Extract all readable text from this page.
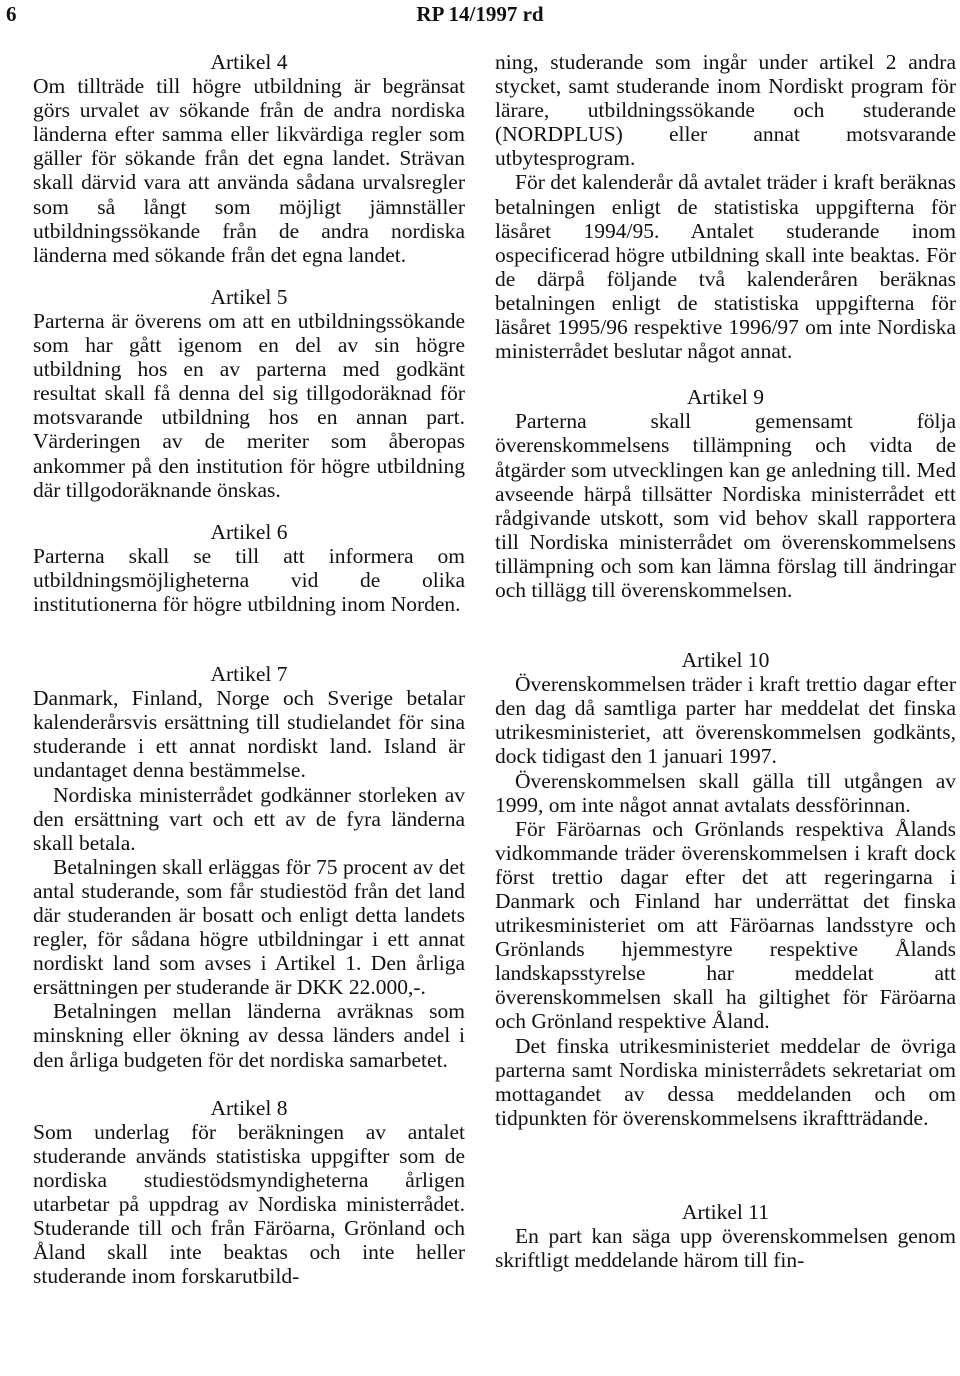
6	RP 14/1997 rd
Artikel 4

Om tillträde till högre utbildning är begränsat görs urvalet av sökande från de andra nordiska länderna efter samma eller likvärdiga regler som gäller för sökande från det egna landet. Strävan skall därvid vara att använda sådana urvalsregler som så långt som möjligt jämnställer utbildningssökande från de andra nordiska länderna med sökande från det egna landet.

Artikel 5

Parterna är överens om att en utbildningssökande som har gått igenom en del av sin högre utbildning hos en av parterna med godkänt resultat skall få denna del sig tillgodoräknad för motsvarande utbildning hos en annan part. Värderingen av de meriter som åberopas ankommer på den institution för högre utbildning där tillgodoräknande önskas.

Artikel 6

Parterna skall se till att informera om utbildningsmöjligheterna vid de olika institutionerna för högre utbildning inom Norden.

Artikel 7

Danmark, Finland, Norge och Sverige betalar kalenderårsvis ersättning till studielandet för sina studerande i ett annat nordiskt land. Island är undantaget denna bestämmelse.

Nordiska ministerrådet godkänner storleken av den ersättning vart och ett av de fyra länderna skall betala.

Betalningen skall erläggas för 75 procent av det antal studerande, som får studiestöd från det land där studeranden är bosatt och enligt detta landets regler, för sådana högre utbildningar i ett annat nordiskt land som avses i Artikel 1. Den årliga ersättningen per studerande är DKK 22.000,-.

Betalningen mellan länderna avräknas som minskning eller ökning av dessa länders andel i den årliga budgeten för det nordiska samarbetet.

Artikel 8

Som underlag för beräkningen av antalet studerande används statistiska uppgifter som de nordiska studiestödsmyndigheterna årligen utarbetar på uppdrag av Nordiska ministerrådet. Studerande till och från Färöarna, Grönland och Åland skall inte beaktas och inte heller studerande inom forskarutbild-

ning, studerande som ingår under artikel 2 andra stycket, samt studerande inom Nordiskt program för lärare, utbildningssökande och studerande (NORDPLUS) eller annat motsvarande utbytesprogram.

För det kalenderår då avtalet träder i kraft beräknas betalningen enligt de statistiska uppgifterna för läsåret 1994/95. Antalet studerande inom ospecificerad högre utbildning skall inte beaktas. För de därpå följande två kalenderåren beräknas betalningen enligt de statistiska uppgifterna för läsåret 1995/96 respektive 1996/97 om inte Nordiska ministerrådet beslutar något annat.

Artikel 9

Parterna skall gemensamt följa överenskommelsens tillämpning och vidta de åtgärder som utvecklingen kan ge anledning till. Med avseende härpå tillsätter Nordiska ministerrådet ett rådgivande utskott, som vid behov skall rapportera till Nordiska ministerrådet om överenskommelsens tillämpning och som kan lämna förslag till ändringar och tillägg till överenskommelsen.

Artikel 10

Överenskommelsen träder i kraft trettio dagar efter den dag då samtliga parter har meddelat det finska utrikesministeriet, att överenskommelsen godkänts, dock tidigast den 1 januari 1997.

Överenskommelsen skall gälla till utgången av 1999, om inte något annat avtalats dessförinnan.

För Färöarnas och Grönlands respektiva Ålands vidkommande träder överenskommelsen i kraft dock först trettio dagar efter det att regeringarna i Danmark och Finland har underrättat det finska utrikesministeriet om att Färöarnas landsstyre och Grönlands hjemmestyre respektive Ålands landskapsstyrelse har meddelat att överenskommelsen skall ha giltighet för Färöarna och Grönland respektive Åland.

Det finska utrikesministeriet meddelar de övriga parterna samt Nordiska ministerrådets sekretariat om mottagandet av dessa meddelanden och om tidpunkten för överenskommelsens ikraftträdande.

Artikel 11

En part kan säga upp överenskommelsen genom skriftligt meddelande härom till fin-
